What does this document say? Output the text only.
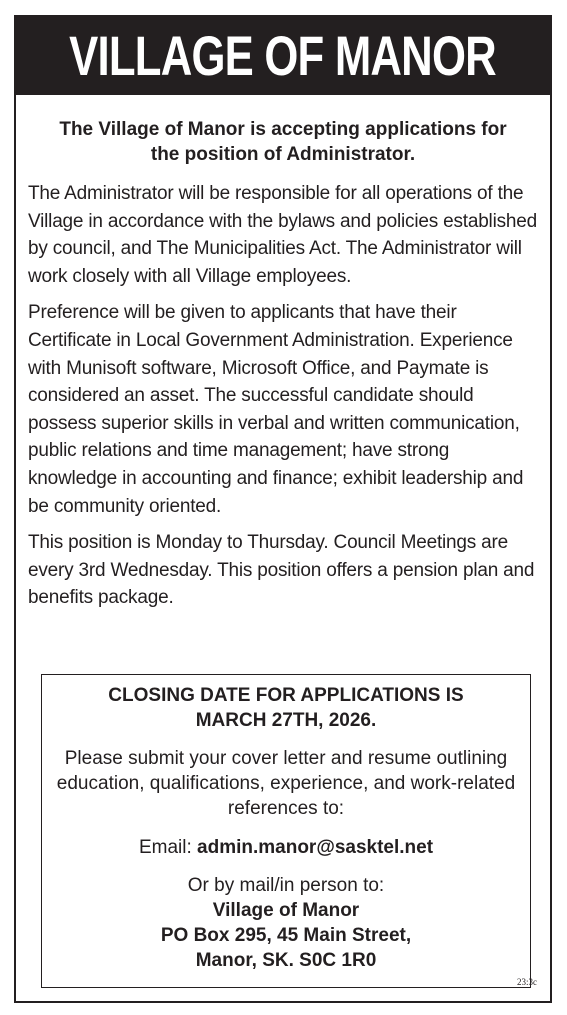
VILLAGE OF MANOR
The Village of Manor is accepting applications for
the position of Administrator.

The Administrator will be responsible for all operations of the Village in accordance with the bylaws and policies established by council, and The Municipalities Act. The Administrator will work closely with all Village employees.

Preference will be given to applicants that have their Certificate in Local Government Administration. Experience with Munisoft software, Microsoft Office, and Paymate is considered an asset. The successful candidate should possess superior skills in verbal and written communication, public relations and time management; have strong knowledge in accounting and finance; exhibit leadership and be community oriented.

This position is Monday to Thursday. Council Meetings are every 3rd Wednesday. This position offers a pension plan and benefits package.

CLOSING DATE FOR APPLICATIONS IS
MARCH 27TH, 2026.
Please submit your cover letter and resume outlining education, qualifications, experience, and work-related references to:
Email: admin.manor@sasktel.net
Or by mail/in person to:
Village of Manor
PO Box 295, 45 Main Street,
Manor, SK. S0C 1R0
23:3c
